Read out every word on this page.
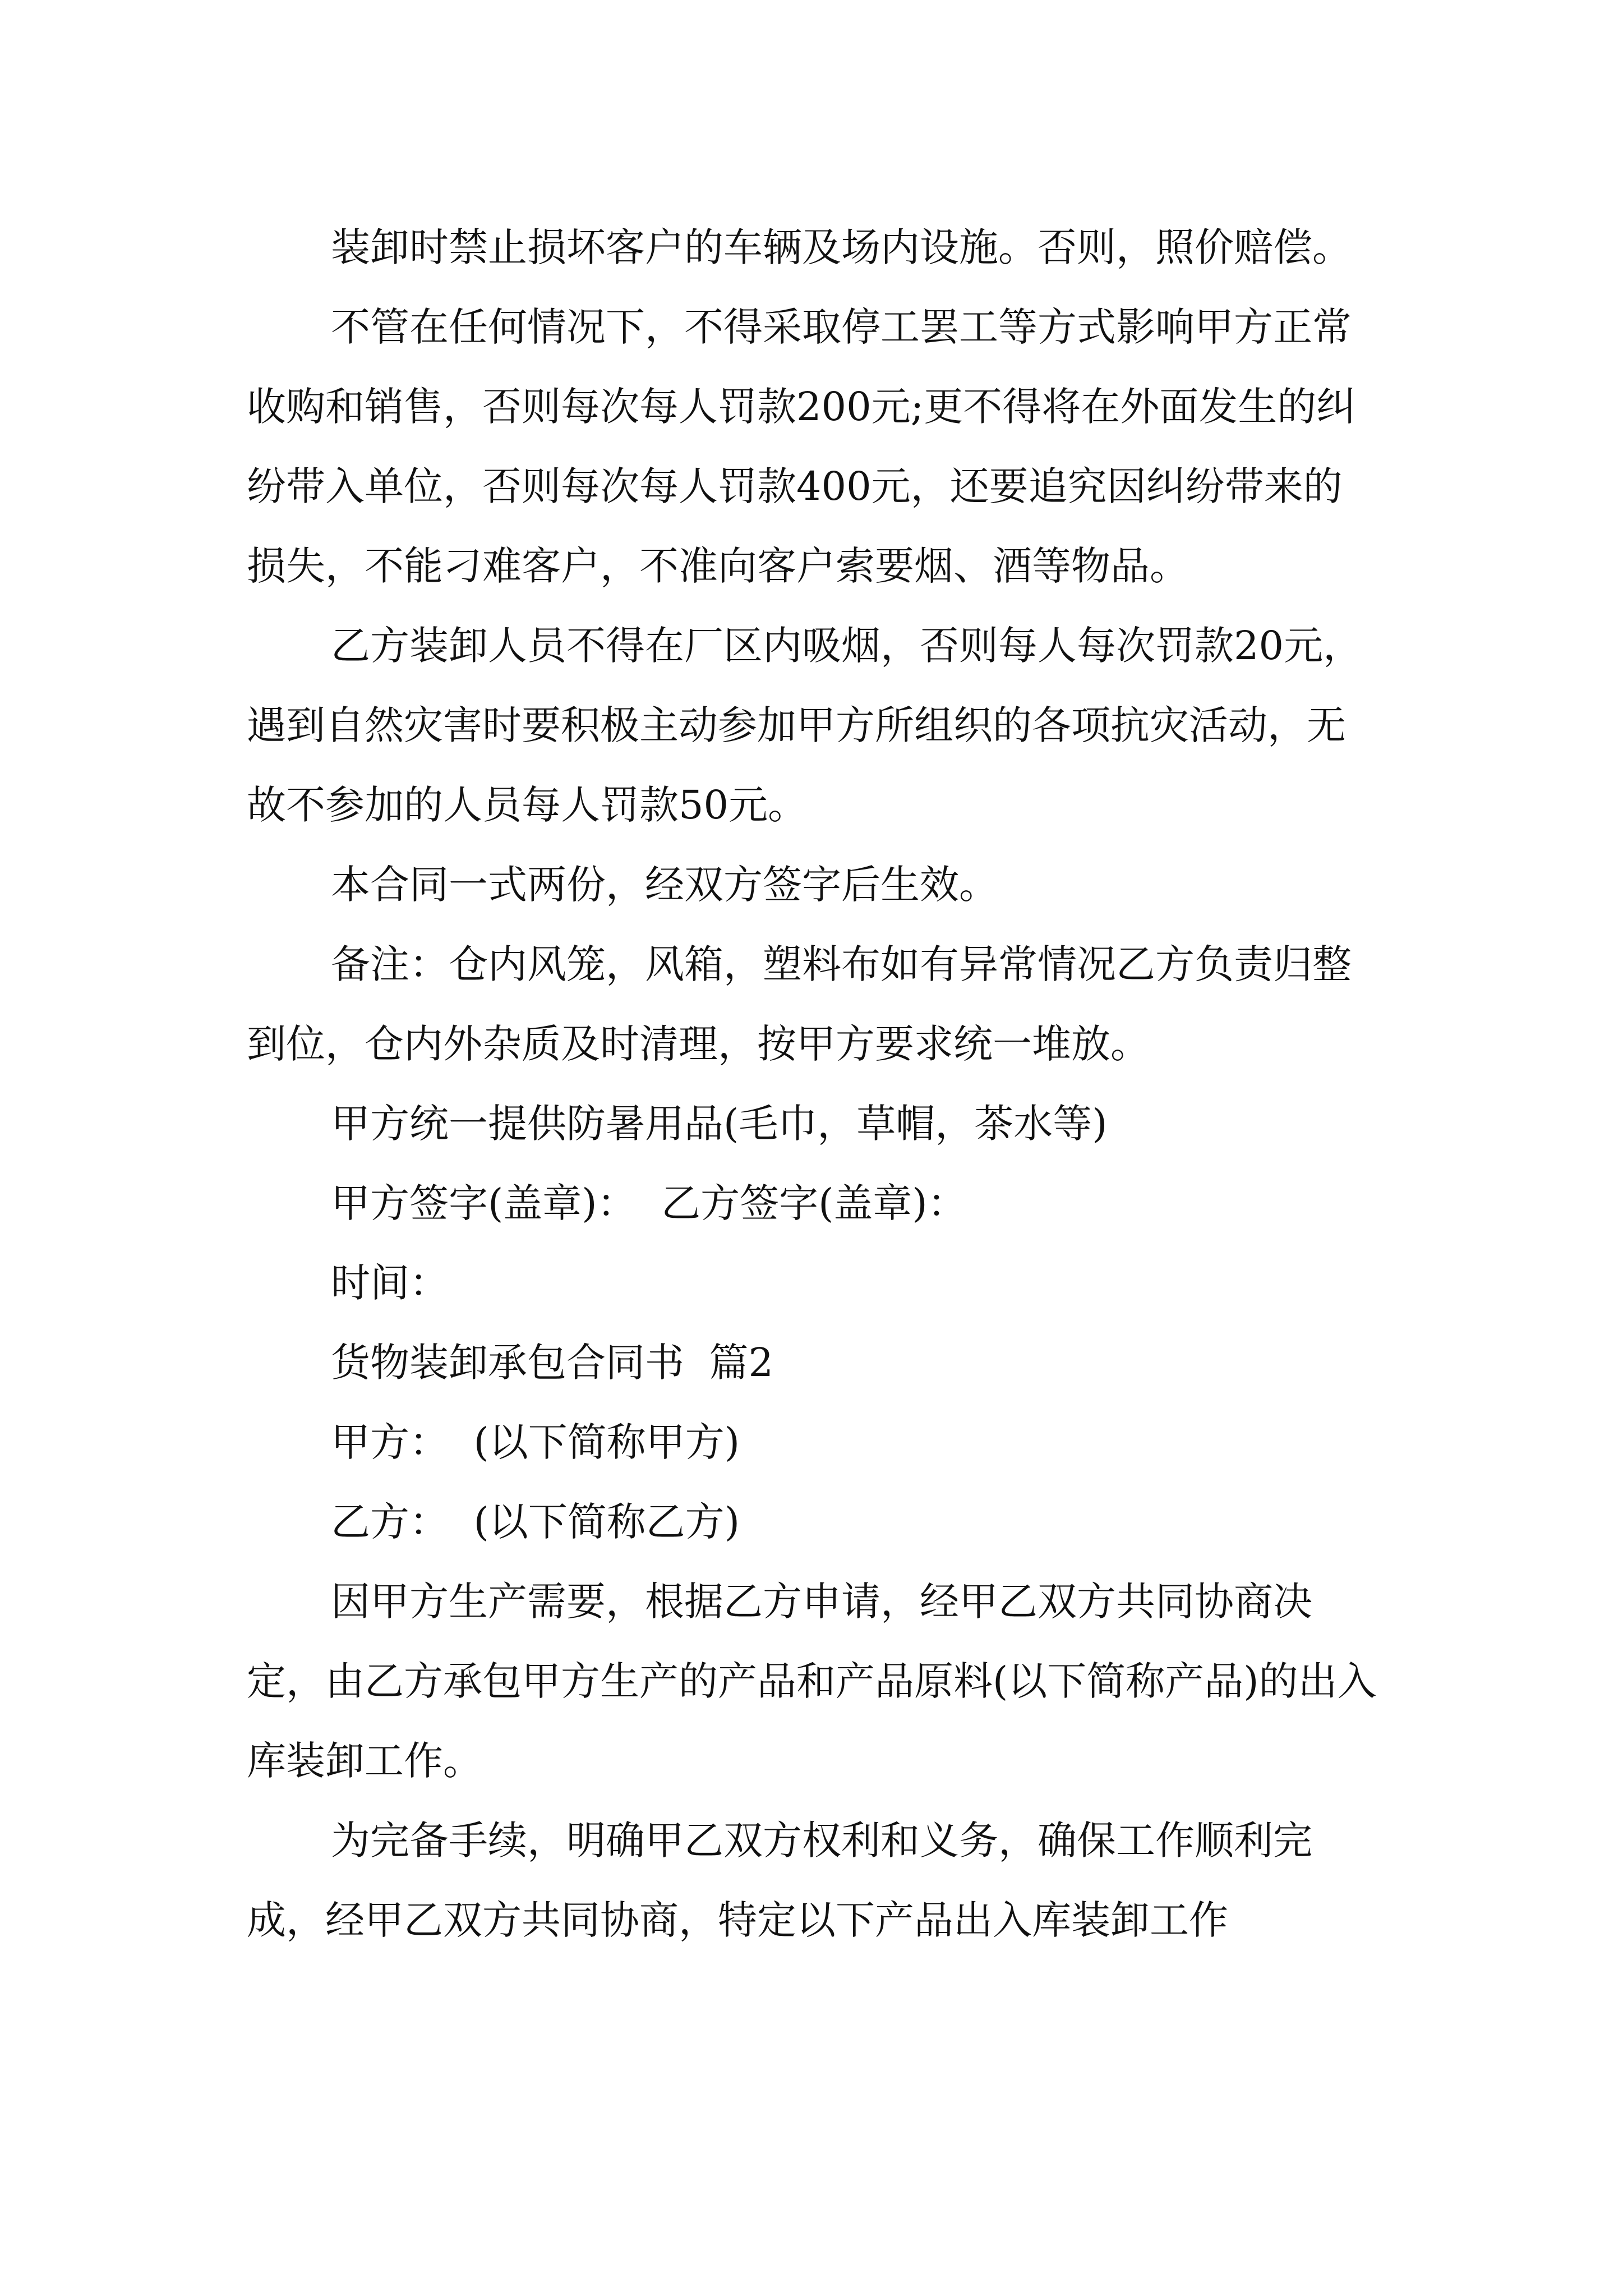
装卸时禁止损坏客户的车辆及场内设施。否则，照价赔偿。

不管在任何情况下，不得采取停工罢工等方式影响甲方正常收购和销售，否则每次每人罚款200元;更不得将在外面发生的纠纷带入单位，否则每次每人罚款400元，还要追究因纠纷带来的损失，不能刁难客户，不准向客户索要烟、酒等物品。

乙方装卸人员不得在厂区内吸烟，否则每人每次罚款20元，遇到自然灾害时要积极主动参加甲方所组织的各项抗灾活动，无故不参加的人员每人罚款50元。

本合同一式两份，经双方签字后生效。

备注：仓内风笼，风箱，塑料布如有异常情况乙方负责归整到位，仓内外杂质及时清理，按甲方要求统一堆放。

甲方统一提供防暑用品(毛巾，草帽，茶水等)

甲方签字(盖章)：  乙方签字(盖章)：

时间：

货物装卸承包合同书  篇2

甲方：  (以下简称甲方)

乙方：  (以下简称乙方)

因甲方生产需要，根据乙方申请，经甲乙双方共同协商决定，由乙方承包甲方生产的产品和产品原料(以下简称产品)的出入库装卸工作。

为完备手续，明确甲乙双方权利和义务，确保工作顺利完成，经甲乙双方共同协商，特定以下产品出入库装卸工作
